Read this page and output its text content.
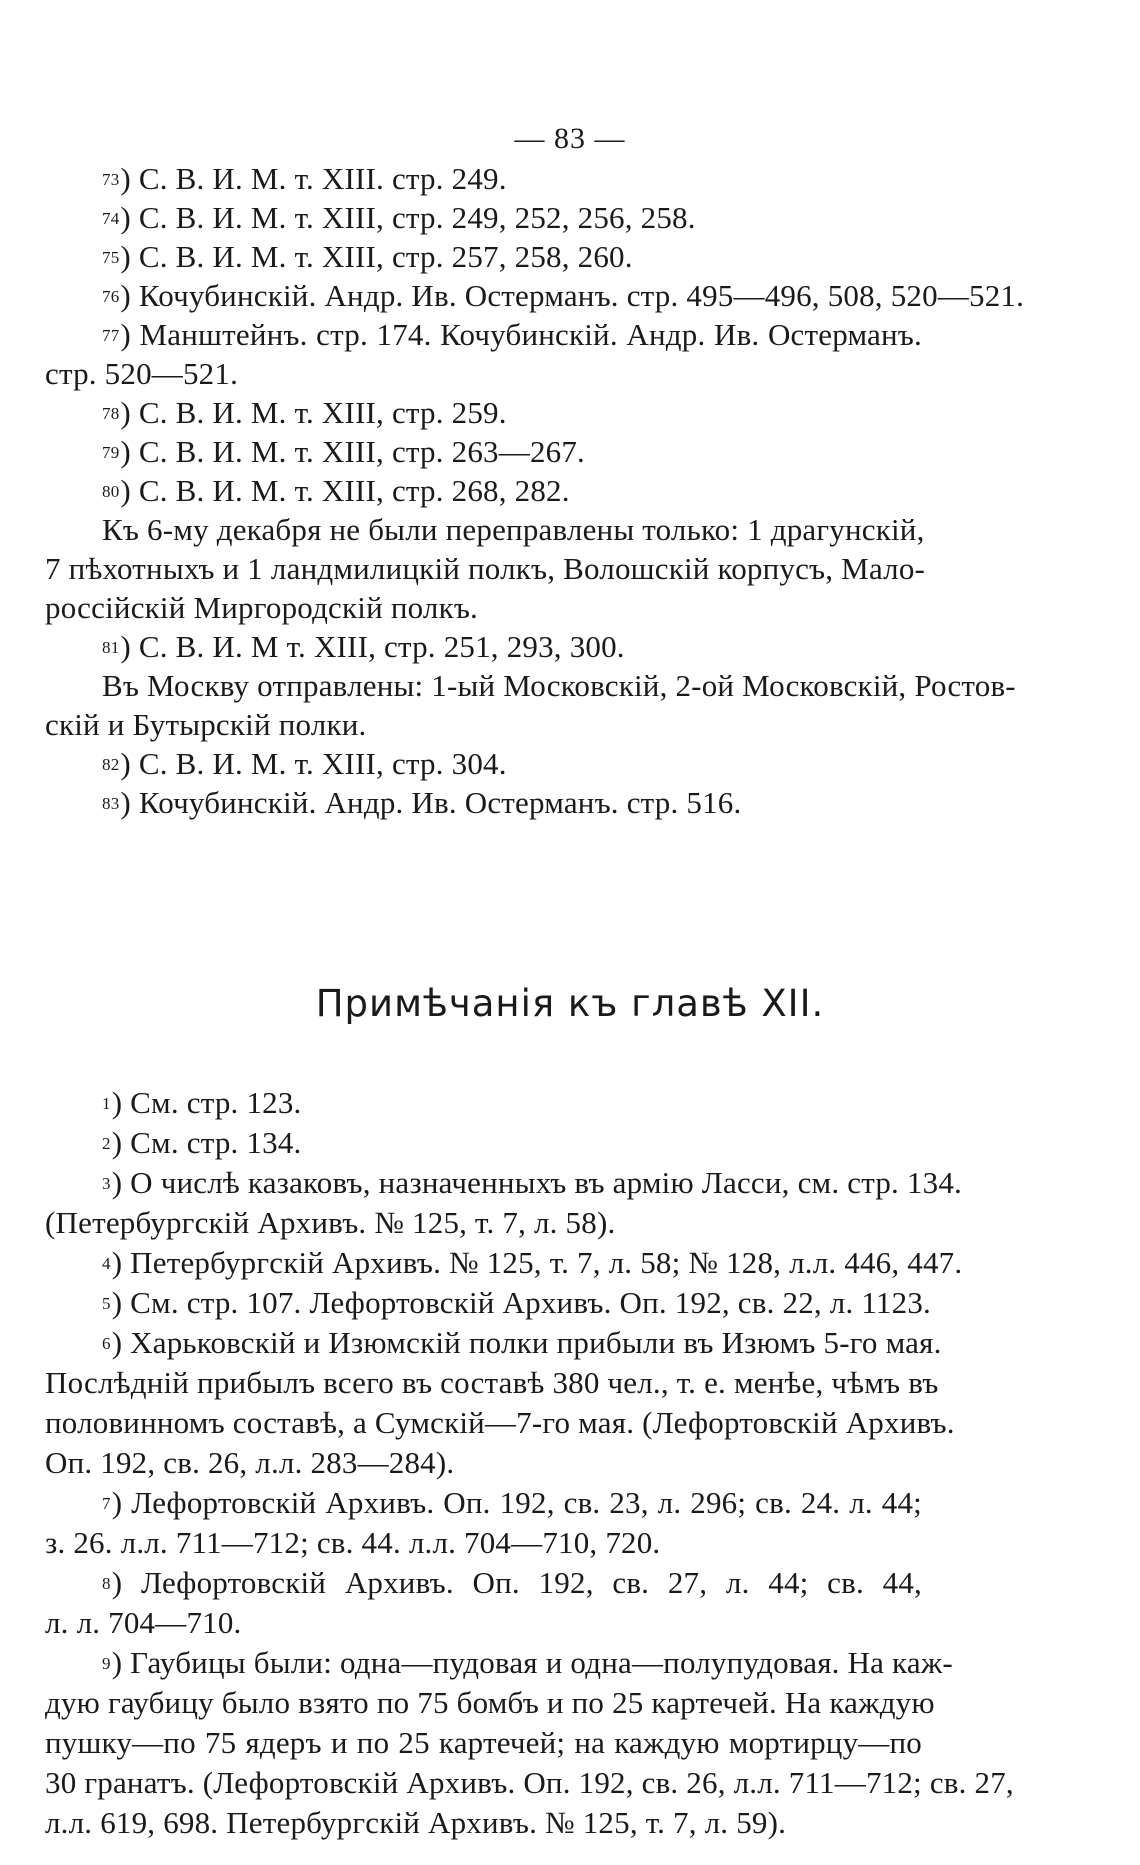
— 83 —
$^{73}$) С. В. И. М. т. XIII. стр. 249.
$^{74}$) С. В. И. М. т. XIII, стр. 249, 252, 256, 258.
$^{75}$) С. В. И. М. т. XIII, стр. 257, 258, 260.
$^{76}$) Кочубинскій. Андр. Ив. Остерманъ. стр. 495—496, 508, 520—521.
$^{77}$) Манштейнъ. стр. 174. Кочубинскій. Андр. Ив. Остерманъ.
стр. 520—521.
$^{78}$) С. В. И. М. т. XIII, стр. 259.
$^{79}$) С. В. И. М. т. XIII, стр. 263—267.
$^{80}$) С. В. И. М. т. XIII, стр. 268, 282.
Къ 6-му декабря не были переправлены только: 1 драгунскій,
7 пѣхотныхъ и 1 ландмилицкій полкъ, Волошскій корпусъ, Мало-
россійскій Миргородскій полкъ.
$^{81}$) С. В. И. М т. XIII, стр. 251, 293, 300.
Въ Москву отправлены: 1-ый Московскій, 2-ой Московскій, Ростов-
скій и Бутырскій полки.
$^{82}$) С. В. И. М. т. XIII, стр. 304.
$^{83}$) Кочубинскій. Андр. Ив. Остерманъ. стр. 516.
Примѣчанія къ главѣ XII.
$^1$) См. стр. 123.
$^2$) См. стр. 134.
$^3$) О числѣ казаковъ, назначенныхъ въ армію Ласси, см. стр. 134.
(Петербургскій Архивъ. № 125, т. 7, л. 58).
$^4$) Петербургскій Архивъ. № 125, т. 7, л. 58; № 128, л.л. 446, 447.
$^5$) См. стр. 107. Лефортовскій Архивъ. Оп. 192, св. 22, л. 1123.
$^6$) Харьковскій и Изюмскій полки прибыли въ Изюмъ 5-го мая.
Послѣдній прибылъ всего въ составѣ 380 чел., т. е. менѣе, чѣмъ въ
половинномъ составѣ, а Сумскій—7-го мая. (Лефортовскій Архивъ.
Оп. 192, св. 26, л.л. 283—284).
$^7$) Лефортовскій Архивъ. Оп. 192, св. 23, л. 296; св. 24. л. 44;
з. 26. л.л. 711—712; св. 44. л.л. 704—710, 720.
$^8$) Лефортовскій Архивъ. Оп. 192, св. 27, л. 44; св. 44,
л. л. 704—710.
$^9$) Гаубицы были: одна—пудовая и одна—полупудовая. На каж-
дую гаубицу было взято по 75 бомбъ и по 25 картечей. На каждую
пушку—по 75 ядеръ и по 25 картечей; на каждую мортирцу—по
30 гранатъ. (Лефортовскій Архивъ. Оп. 192, св. 26, л.л. 711—712; св. 27,
л.л. 619, 698. Петербургскій Архивъ. № 125, т. 7, л. 59).
